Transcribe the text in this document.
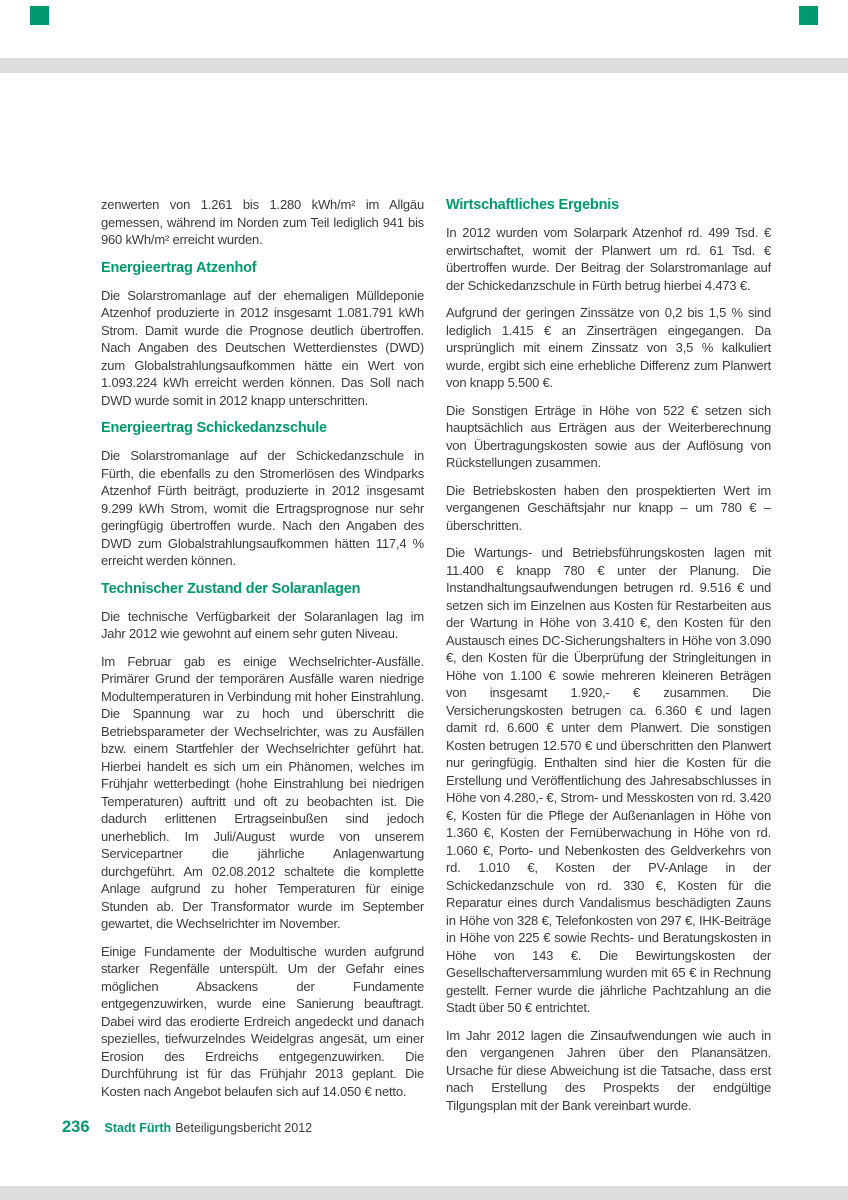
zenwerten von 1.261 bis 1.280 kWh/m² im Allgäu gemessen, während im Norden zum Teil lediglich 941 bis 960 kWh/m² erreicht wurden.

Energieertrag Atzenhof

Die Solarstromanlage auf der ehemaligen Mülldeponie Atzenhof produzierte in 2012 insgesamt 1.081.791 kWh Strom. Damit wurde die Prognose deutlich übertroffen. Nach Angaben des Deutschen Wetterdienstes (DWD) zum Globalstrahlungsaufkommen hätte ein Wert von 1.093.224 kWh erreicht werden können. Das Soll nach DWD wurde somit in 2012 knapp unterschritten.

Energieertrag Schickedanzschule

Die Solarstromanlage auf der Schickedanzschule in Fürth, die ebenfalls zu den Stromerlösen des Windparks Atzenhof Fürth beiträgt, produzierte in 2012 insgesamt 9.299 kWh Strom, womit die Ertragsprognose nur sehr geringfügig übertroffen wurde. Nach den Angaben des DWD zum Globalstrahlungsaufkommen hätten 117,4 % erreicht werden können.

Technischer Zustand der Solaranlagen

Die technische Verfügbarkeit der Solaranlagen lag im Jahr 2012 wie gewohnt auf einem sehr guten Niveau.

Im Februar gab es einige Wechselrichter-Ausfälle. Primärer Grund der temporären Ausfälle waren niedrige Modultemperaturen in Verbindung mit hoher Einstrahlung. Die Spannung war zu hoch und überschritt die Betriebsparameter der Wechselrichter, was zu Ausfällen bzw. einem Startfehler der Wechselrichter geführt hat. Hierbei handelt es sich um ein Phänomen, welches im Frühjahr wetterbedingt (hohe Einstrahlung bei niedrigen Temperaturen) auftritt und oft zu beobachten ist. Die dadurch erlittenen Ertragseinbußen sind jedoch unerheblich. Im Juli/August wurde von unserem Servicepartner die jährliche Anlagenwartung durchgeführt. Am 02.08.2012 schaltete die komplette Anlage aufgrund zu hoher Temperaturen für einige Stunden ab. Der Transformator wurde im September gewartet, die Wechselrichter im November.

Einige Fundamente der Modultische wurden aufgrund starker Regenfälle unterspült. Um der Gefahr eines möglichen Absackens der Fundamente entgegenzuwirken, wurde eine Sanierung beauftragt. Dabei wird das erodierte Erdreich angedeckt und danach spezielles, tiefwurzelndes Weidelgras angesät, um einer Erosion des Erdreichs entgegenzuwirken. Die Durchführung ist für das Frühjahr 2013 geplant. Die Kosten nach Angebot belaufen sich auf 14.050 € netto.

Wirtschaftliches Ergebnis

In 2012 wurden vom Solarpark Atzenhof rd. 499 Tsd. € erwirtschaftet, womit der Planwert um rd. 61 Tsd. € übertroffen wurde. Der Beitrag der Solarstromanlage auf der Schickedanzschule in Fürth betrug hierbei 4.473 €.

Aufgrund der geringen Zinssätze von 0,2 bis 1,5 % sind lediglich 1.415 € an Zinserträgen eingegangen. Da ursprünglich mit einem Zinssatz von 3,5 % kalkuliert wurde, ergibt sich eine erhebliche Differenz zum Planwert von knapp 5.500 €.

Die Sonstigen Erträge in Höhe von 522 € setzen sich hauptsächlich aus Erträgen aus der Weiterberechnung von Übertragungskosten sowie aus der Auflösung von Rückstellungen zusammen.

Die Betriebskosten haben den prospektierten Wert im vergangenen Geschäftsjahr nur knapp – um 780 € – überschritten.

Die Wartungs- und Betriebsführungskosten lagen mit 11.400 € knapp 780 € unter der Planung. Die Instandhaltungsaufwendungen betrugen rd. 9.516 € und setzen sich im Einzelnen aus Kosten für Restarbeiten aus der Wartung in Höhe von 3.410 €, den Kosten für den Austausch eines DC-Sicherungshalters in Höhe von 3.090 €, den Kosten für die Überprüfung der Stringleitungen in Höhe von 1.100 € sowie mehreren kleineren Beträgen von insgesamt 1.920,- € zusammen. Die Versicherungskosten betrugen ca. 6.360 € und lagen damit rd. 6.600 € unter dem Planwert. Die sonstigen Kosten betrugen 12.570 € und überschritten den Planwert nur geringfügig. Enthalten sind hier die Kosten für die Erstellung und Veröffentlichung des Jahresabschlusses in Höhe von 4.280,- €, Strom- und Messkosten von rd. 3.420 €, Kosten für die Pflege der Außenanlagen in Höhe von 1.360 €, Kosten der Fernüberwachung in Höhe von rd. 1.060 €, Porto- und Nebenkosten des Geldverkehrs von rd. 1.010 €, Kosten der PV-Anlage in der Schickedanzschule von rd. 330 €, Kosten für die Reparatur eines durch Vandalismus beschädigten Zauns in Höhe von 328 €, Telefonkosten von 297 €, IHK-Beiträge in Höhe von 225 € sowie Rechts- und Beratungskosten in Höhe von 143 €. Die Bewirtungskosten der Gesellschafterversammlung wurden mit 65 € in Rechnung gestellt. Ferner wurde die jährliche Pachtzahlung an die Stadt über 50 € entrichtet.

Im Jahr 2012 lagen die Zinsaufwendungen wie auch in den vergangenen Jahren über den Planansätzen. Ursache für diese Abweichung ist die Tatsache, dass erst nach Erstellung des Prospekts der endgültige Tilgungsplan mit der Bank vereinbart wurde.

236 Stadt Fürth Beteiligungsbericht 2012
